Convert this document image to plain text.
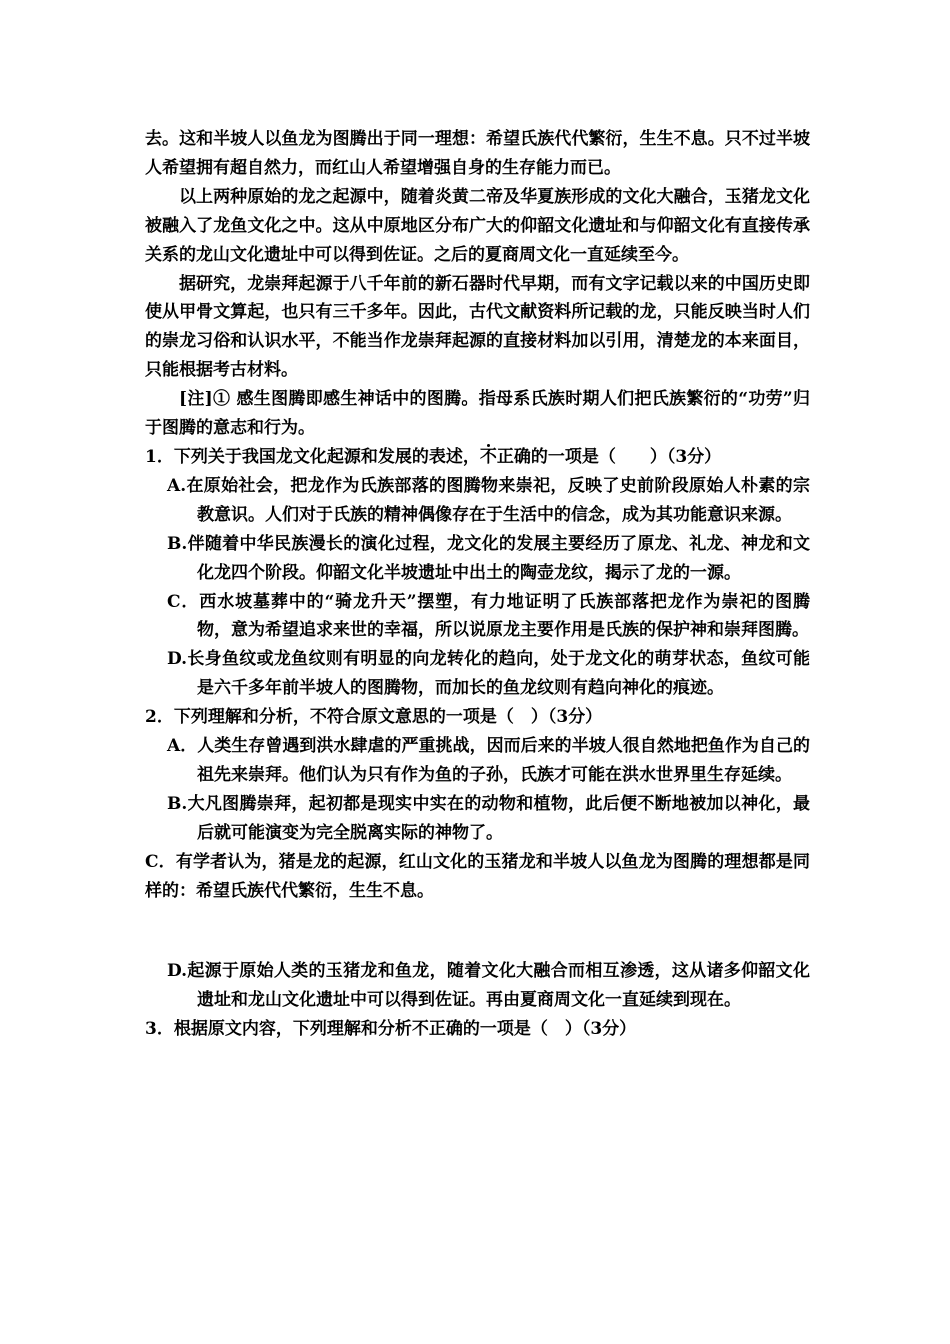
去。这和半坡人以鱼龙为图腾出于同一理想：希望氏族代代繁衍，生生不息。只不过半坡人希望拥有超自然力，而红山人希望增强自身的生存能力而已。

以上两种原始的龙之起源中，随着炎黄二帝及华夏族形成的文化大融合，玉猪龙文化被融入了龙鱼文化之中。这从中原地区分布广大的仰韶文化遗址和与仰韶文化有直接传承关系的龙山文化遗址中可以得到佐证。之后的夏商周文化一直延续至今。

据研究，龙崇拜起源于八千年前的新石器时代早期，而有文字记载以来的中国历史即使从甲骨文算起，也只有三千多年。因此，古代文献资料所记载的龙，只能反映当时人们的崇龙习俗和认识水平，不能当作龙崇拜起源的直接材料加以引用，清楚龙的本来面目，只能根据考古材料。

[注]① 感生图腾即感生神话中的图腾。指母系氏族时期人们把氏族繁衍的“功劳”归于图腾的意志和行为。

1．下列关于我国龙文化起源和发展的表述，不正确的一项是（　　）（3分）

A.在原始社会，把龙作为氏族部落的图腾物来崇祀，反映了史前阶段原始人朴素的宗教意识。人们对于氏族的精神偶像存在于生活中的信念，成为其功能意识来源。

B.伴随着中华民族漫长的演化过程，龙文化的发展主要经历了原龙、礼龙、神龙和文化龙四个阶段。仰韶文化半坡遗址中出土的陶壶龙纹，揭示了龙的一源。

C．西水坡墓葬中的“骑龙升天”摆塑，有力地证明了氏族部落把龙作为崇祀的图腾物，意为希望追求来世的幸福，所以说原龙主要作用是氏族的保护神和崇拜图腾。

D.长身鱼纹或龙鱼纹则有明显的向龙转化的趋向，处于龙文化的萌芽状态，鱼纹可能是六千多年前半坡人的图腾物，而加长的鱼龙纹则有趋向神化的痕迹。

2．下列理解和分析，不符合原文意思的一项是（　）（3分）

A．人类生存曾遇到洪水肆虐的严重挑战，因而后来的半坡人很自然地把鱼作为自己的祖先来崇拜。他们认为只有作为鱼的子孙，氏族才可能在洪水世界里生存延续。

B.大凡图腾崇拜，起初都是现实中实在的动物和植物，此后便不断地被加以神化，最后就可能演变为完全脱离实际的神物了。

C．有学者认为，猪是龙的起源，红山文化的玉猪龙和半坡人以鱼龙为图腾的理想都是同样的：希望氏族代代繁衍，生生不息。

D.起源于原始人类的玉猪龙和鱼龙，随着文化大融合而相互渗透，这从诸多仰韶文化遗址和龙山文化遗址中可以得到佐证。再由夏商周文化一直延续到现在。

3．根据原文内容，下列理解和分析不正确的一项是（　）（3分）
